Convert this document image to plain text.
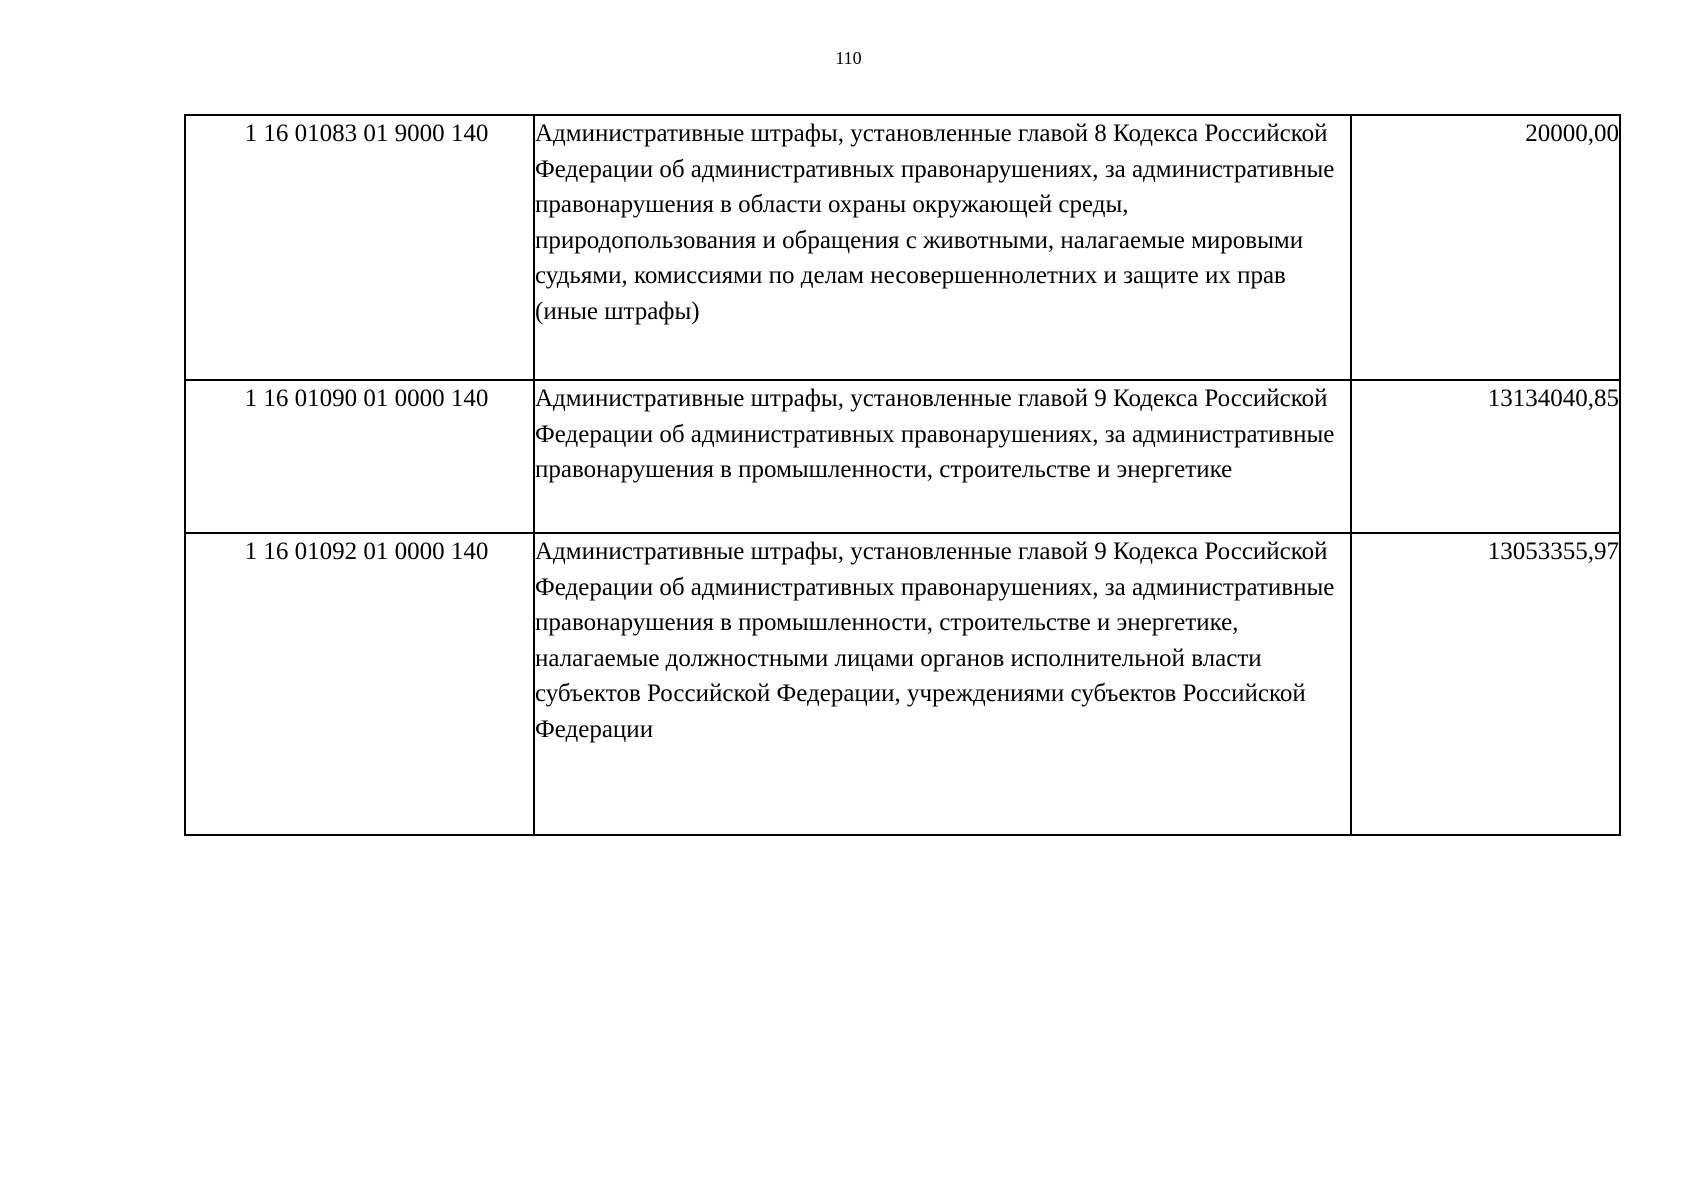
110
1 16 01083 01 9000 140	Административные штрафы, установленные главой 8 Кодекса Российской Федерации об административных правонарушениях, за административные правонарушения в области охраны окружающей среды, природопользования и обращения с животными, налагаемые мировыми судьями, комиссиями по делам несовершеннолетних и защите их прав (иные штрафы)	20000,00
1 16 01090 01 0000 140	Административные штрафы, установленные главой 9 Кодекса Российской Федерации об административных правонарушениях, за административные правонарушения в промышленности, строительстве и энергетике	13134040,85
1 16 01092 01 0000 140	Административные штрафы, установленные главой 9 Кодекса Российской Федерации об административных правонарушениях, за административные правонарушения в промышленности, строительстве и энергетике, налагаемые должностными лицами органов исполнительной власти субъектов Российской Федерации, учреждениями субъектов Российской Федерации	13053355,97
